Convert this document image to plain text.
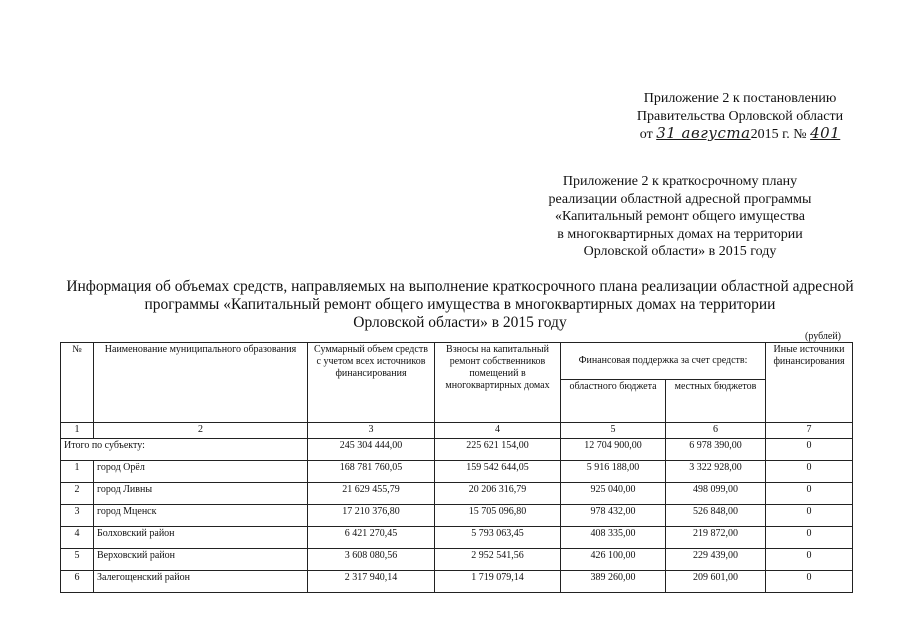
Приложение 2 к постановлению
Правительства Орловской области
от 31 августа2015 г. № 401
Приложение 2 к краткосрочному плану
реализации областной адресной программы
«Капитальный ремонт общего имущества
в многоквартирных домах на территории
Орловской области» в 2015 году
Информация об объемах средств, направляемых на выполнение краткосрочного плана реализации областной адресной
программы «Капитальный ремонт общего имущества в многоквартирных домах на территории
Орловской области» в 2015 году
(рублей)
№	Наименование муниципального образования	Суммарный объем средств с учетом всех источников финансирования	Взносы на капитальный ремонт собственников помещений в многоквартирных домах	Финансовая поддержка за счет средств:		Иные источники финансирования
				областного бюджета	местных бюджетов	
1	2	3	4	5	6	7
Итого по субъекту:		245 304 444,00	225 621 154,00	12 704 900,00	6 978 390,00	0
1	город Орёл	168 781 760,05	159 542 644,05	5 916 188,00	3 322 928,00	0
2	город Ливны	21 629 455,79	20 206 316,79	925 040,00	498 099,00	0
3	город Мценск	17 210 376,80	15 705 096,80	978 432,00	526 848,00	0
4	Болховский район	6 421 270,45	5 793 063,45	408 335,00	219 872,00	0
5	Верховский район	3 608 080,56	2 952 541,56	426 100,00	229 439,00	0
6	Залегощенский район	2 317 940,14	1 719 079,14	389 260,00	209 601,00	0
